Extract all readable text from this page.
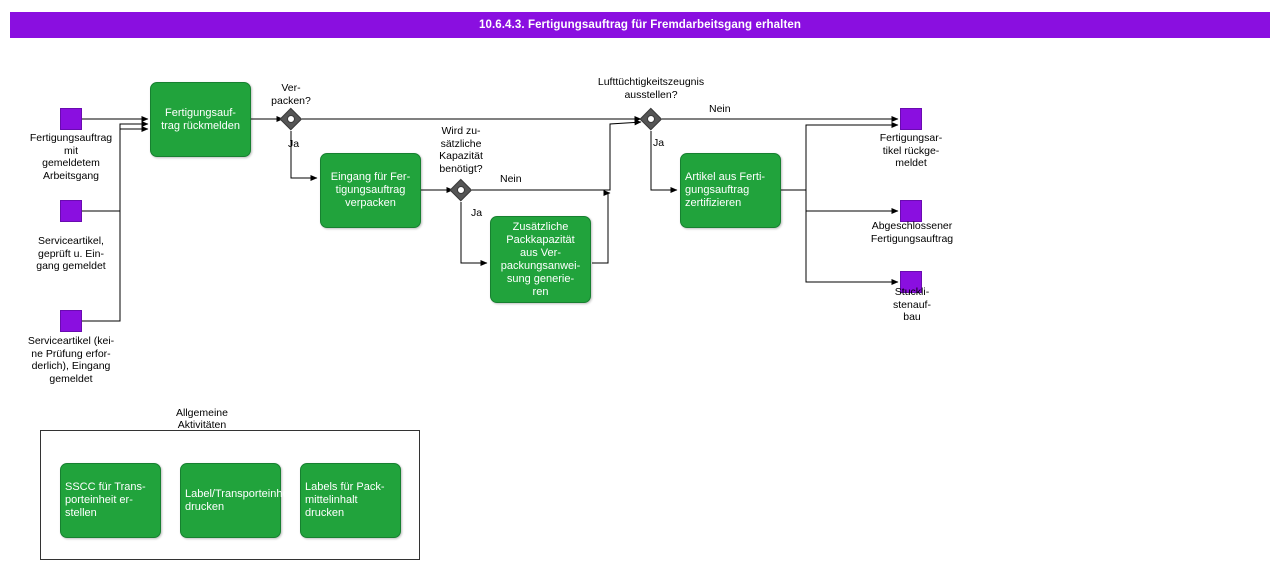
10.6.4.3. Fertigungsauftrag für Fremdarbeitsgang erhalten
Fertigungsauftrag
mit
gemeldetem
Arbeitsgang
Serviceartikel,
geprüft u. Ein-
gang gemeldet
Serviceartikel (kei-
ne Prüfung erfor-
derlich), Eingang
gemeldet
Fertigungsar-
tikel rückge-
meldet
Abgeschlossener
Fertigungsauftrag
Stuckli-
stenauf-
bau
Fertigungsauf-
trag rückmelden
Eingang für Fer-
tigungsauftrag
verpacken
Zusätzliche
Packkapazität
aus Ver-
packungsanwei-
sung generie-
ren
Artikel aus Ferti-
gungsauftrag
zertifizieren
Ver-
packen?
Ja
Wird zu-
sätzliche
Kapazität
benötigt?
Nein
Ja
Lufttüchtigkeitszeugnis
ausstellen?
Nein
Ja
Allgemeine
Aktivitäten
SSCC für Trans-
porteinheit er-
stellen
Label/Transporteinheit
drucken
Labels für Pack-
mittelinhalt
drucken
